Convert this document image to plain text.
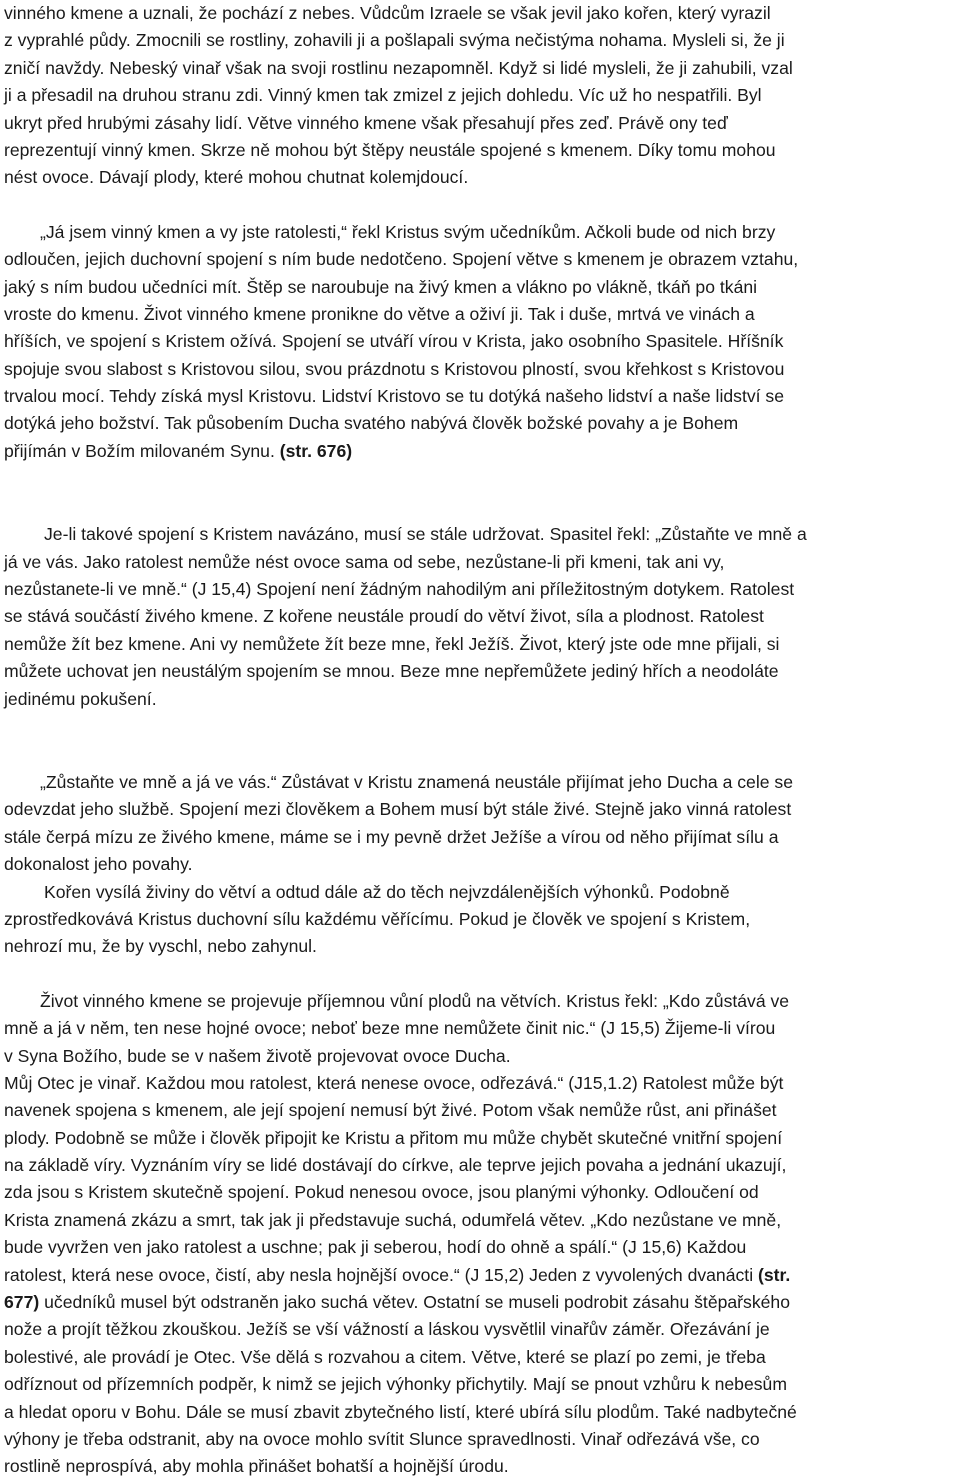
vinného kmene a uznali, že pochází z nebes. Vůdcům Izraele se však jevil jako kořen, který vyrazil
z vyprahlé půdy. Zmocnili se rostliny, zohavili ji a pošlapali svýma nečistýma nohama. Mysleli si, že ji
zničí navždy. Nebeský vinař však na svoji rostlinu nezapomněl. Když si lidé mysleli, že ji zahubili, vzal
ji a přesadil na druhou stranu zdi. Vinný kmen tak zmizel z jejich dohledu. Víc už ho nespatřili. Byl
ukryt před hrubými zásahy lidí. Větve vinného kmene však přesahují přes zeď. Právě ony teď
reprezentují vinný kmen. Skrze ně mohou být štěpy neustále spojené s kmenem. Díky tomu mohou
nést ovoce. Dávají plody, které mohou chutnat kolemjdoucí.
„Já jsem vinný kmen a vy jste ratolesti,“ řekl Kristus svým učedníkům. Ačkoli bude od nich brzy
odloučen, jejich duchovní spojení s ním bude nedotčeno. Spojení větve s kmenem je obrazem vztahu,
jaký s ním budou učedníci mít. Štěp se naroubuje na živý kmen a vlákno po vlákně, tkáň po tkáni
vroste do kmenu. Život vinného kmene pronikne do větve a oživí ji. Tak i duše, mrtvá ve vinách a
hříších, ve spojení s Kristem ožívá. Spojení se utváří vírou v Krista, jako osobního Spasitele. Hříšník
spojuje svou slabost s Kristovou silou, svou prázdnotu s Kristovou plností, svou křehkost s Kristovou
trvalou mocí. Tehdy získá mysl Kristovu. Lidství Kristovo se tu dotýká našeho lidství a naše lidství se
dotýká jeho božství. Tak působením Ducha svatého nabývá člověk božské povahy a je Bohem
přijímán v Božím milovaném Synu. (str. 676)
Je-li takové spojení s Kristem navázáno, musí se stále udržovat. Spasitel řekl: „Zůstaňte ve mně a
já ve vás. Jako ratolest nemůže nést ovoce sama od sebe, nezůstane-li při kmeni, tak ani vy,
nezůstanete-li ve mně.“ (J 15,4) Spojení není žádným nahodilým ani příležitostným dotykem. Ratolest
se stává součástí živého kmene. Z kořene neustále proudí do větví život, síla a plodnost. Ratolest
nemůže žít bez kmene. Ani vy nemůžete žít beze mne, řekl Ježíš. Život, který jste ode mne přijali, si
můžete uchovat jen neustálým spojením se mnou. Beze mne nepřemůžete jediný hřích a neodoláte
jedinému pokušení.
„Zůstaňte ve mně a já ve vás.“ Zůstávat v Kristu znamená neustále přijímat jeho Ducha a cele se
odevzdat jeho službě. Spojení mezi člověkem a Bohem musí být stále živé. Stejně jako vinná ratolest
stále čerpá mízu ze živého kmene, máme se i my pevně držet Ježíše a vírou od něho přijímat sílu a
dokonalost jeho povahy.
Kořen vysílá živiny do větví a odtud dále až do těch nejvzdálenějších výhonků. Podobně
zprostředkovává Kristus duchovní sílu každému věřícímu. Pokud je člověk ve spojení s Kristem,
nehrozí mu, že by vyschl, nebo zahynul.
Život vinného kmene se projevuje příjemnou vůní plodů na větvích. Kristus řekl: „Kdo zůstává ve
mně a já v něm, ten nese hojné ovoce; neboť beze mne nemůžete činit nic.“ (J 15,5) Žijeme-li vírou
v Syna Božího, bude se v našem životě projevovat ovoce Ducha.
Můj Otec je vinař. Každou mou ratolest, která nenese ovoce, odřezává.“ (J15,1.2) Ratolest může být
navenek spojena s kmenem, ale její spojení nemusí být živé. Potom však nemůže růst, ani přinášet
plody. Podobně se může i člověk připojit ke Kristu a přitom mu může chybět skutečné vnitřní spojení
na základě víry. Vyznáním víry se lidé dostávají do církve, ale teprve jejich povaha a jednání ukazují,
zda jsou s Kristem skutečně spojení. Pokud nenesou ovoce, jsou planými výhonky. Odloučení od
Krista znamená zkázu a smrt, tak jak ji představuje suchá, odumřelá větev. „Kdo nezůstane ve mně,
bude vyvržen ven jako ratolest a uschne; pak ji seberou, hodí do ohně a spálí.“ (J 15,6) Každou
ratolest, která nese ovoce, čistí, aby nesla hojnější ovoce.“ (J 15,2) Jeden z vyvolených dvanácti (str.
677) učedníků musel být odstraněn jako suchá větev. Ostatní se museli podrobit zásahu štěpařského
nože a projít těžkou zkouškou. Ježíš se vší vážností a láskou vysvětlil vinařův záměr. Ořezávání je
bolestivé, ale provádí je Otec. Vše dělá s rozvahou a citem. Větve, které se plazí po zemi, je třeba
odříznout od přízemních podpěr, k nimž se jejich výhonky přichytily. Mají se pnout vzhůru k nebesům
a hledat oporu v Bohu. Dále se musí zbavit zbytečného listí, které ubírá sílu plodům. Také nadbytečné
výhony je třeba odstranit, aby na ovoce mohlo svítit Slunce spravedlnosti. Vinař odřezává vše, co
rostlině neprospívá, aby mohla přinášet bohatší a hojnější úrodu.
